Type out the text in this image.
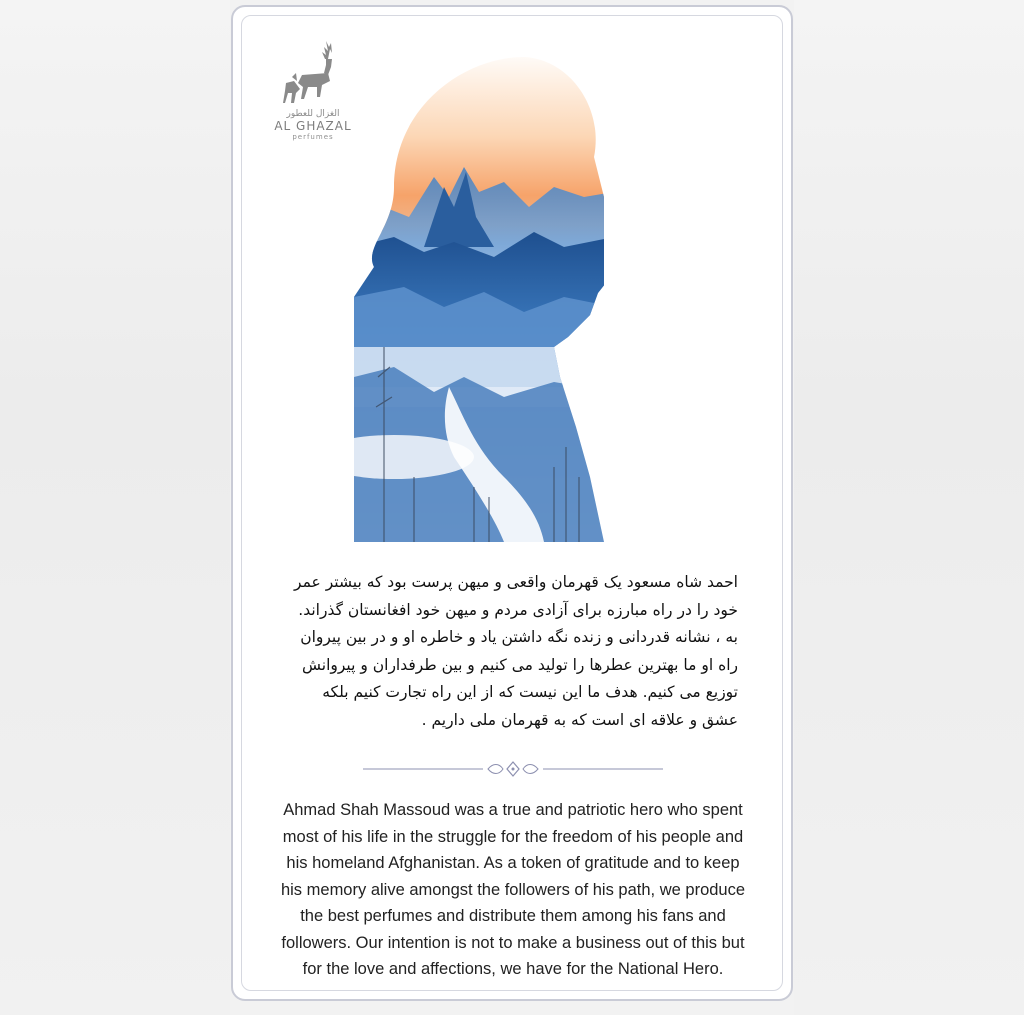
الغزال للعطور
AL GHAZAL
perfumes
احمد شاه مسعود یک قهرمان واقعی و میهن پرست بود که بیشتر عمر خود را در راه مبارزه برای آزادی مردم و میهن خود افغانستان گذراند. به ، نشانه قدردانی و زنده نگه داشتن یاد و خاطره او و در بین پیروان راه او ما بهترین عطرها را تولید می کنیم و بین طرفداران و پیروانش توزیع می کنیم. هدف ما این نیست که از این راه تجارت کنیم بلکه عشق و علاقه ای است که به قهرمان ملی داریم .
Ahmad Shah Massoud was a true and patriotic hero who spent
most of his life in the struggle for the freedom of his people and
his homeland Afghanistan. As a token of gratitude and to keep
his memory alive amongst the followers of his path, we produce
the best perfumes and distribute them among his fans and
followers. Our intention is not to make a business out of this but
for the love and affections, we have for the National Hero.
